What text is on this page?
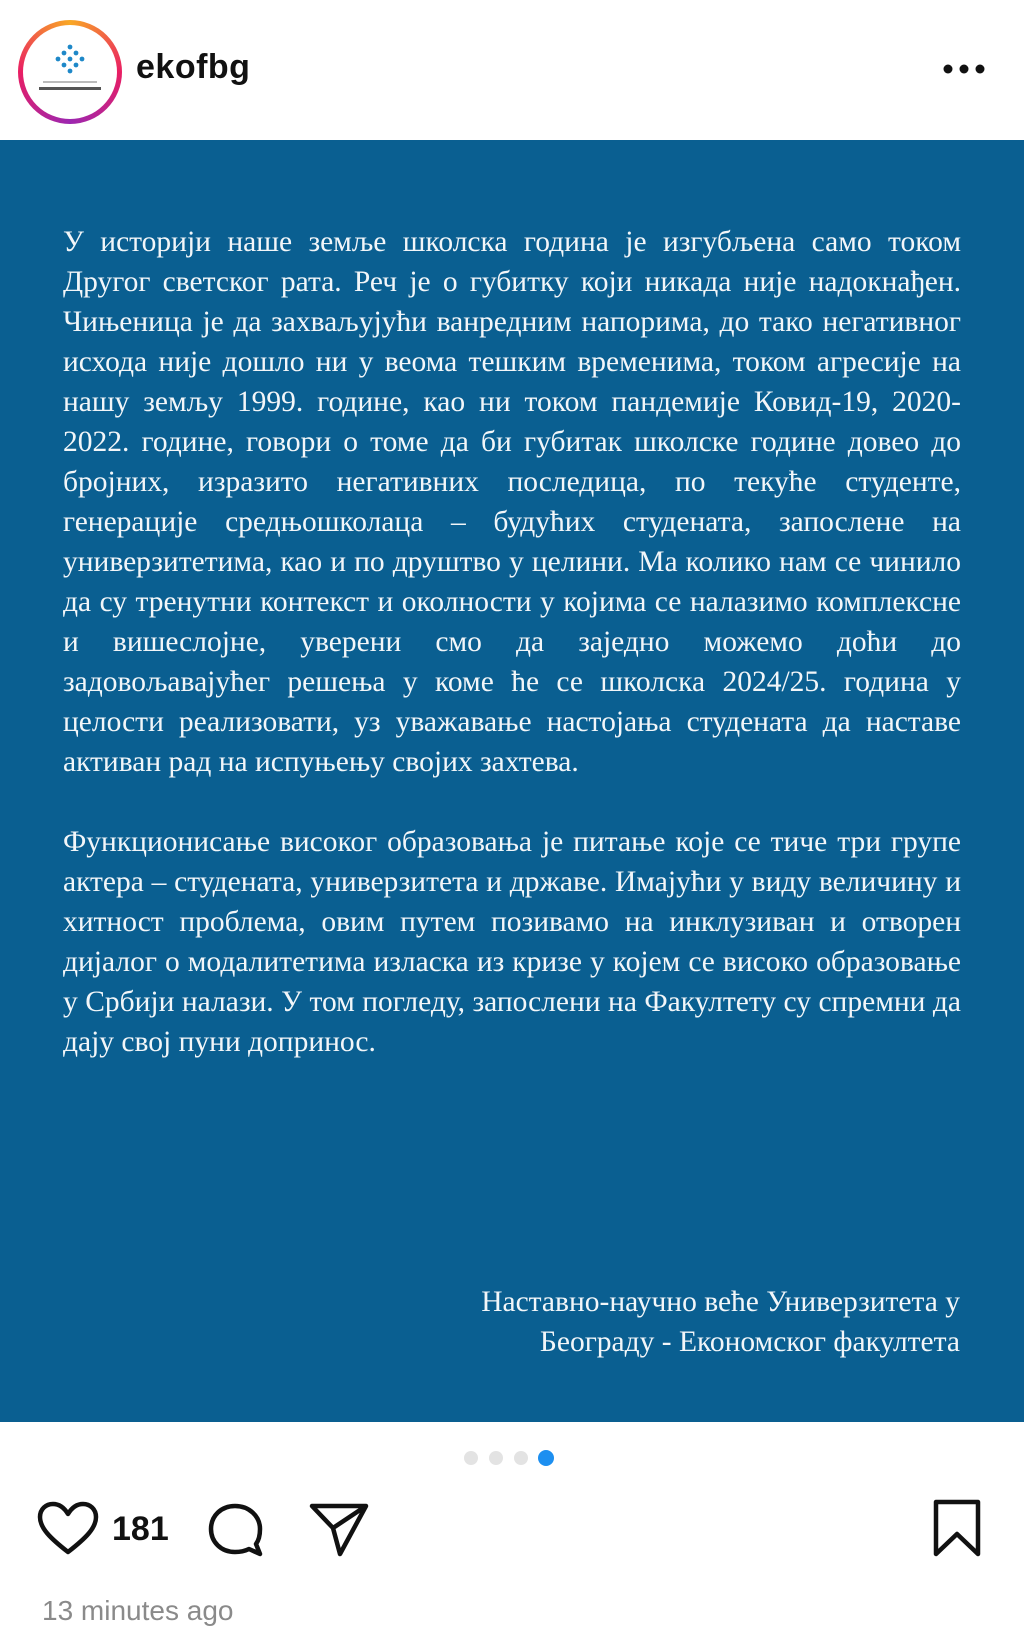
ekofbg

У историји наше земље школска година је изгубљена само током Другог светског рата. Реч је о губитку који никада није надокнађен. Чињеница је да захваљујући ванредним напорима, до тако негативног исхода није дошло ни у веома тешким временима, током агресије на нашу земљу 1999. године, као ни током пандемије Ковид-19, 2020-2022. године, говори о томе да би губитак школске године довео до бројних, изразито негативних последица, по текуће студенте, генерације средњошколаца – будућих студената, запослене на универзитетима, као и по друштво у целини. Ма колико нам се чинило да су тренутни контекст и околности у којима се налазимо комплексне и вишеслојне, уверени смо да заједно можемо доћи до задовољавајућег решења у коме ће се школска 2024/25. година у целости реализовати, уз уважавање настојања студената да наставе активан рад на испуњењу својих захтева.

Функционисање високог образовања је питање које се тиче три групе актера – студената, универзитета и државе. Имајући у виду величину и хитност проблема, овим путем позивамо на инклузиван и отворен дијалог о модалитетима изласка из кризе у којем се високо образовање у Србији налази. У том погледу, запослени на Факултету су спремни да дају свој пуни допринос.

Наставно-научно веће Универзитета у
Београду - Економског факултета
181
13 minutes ago
